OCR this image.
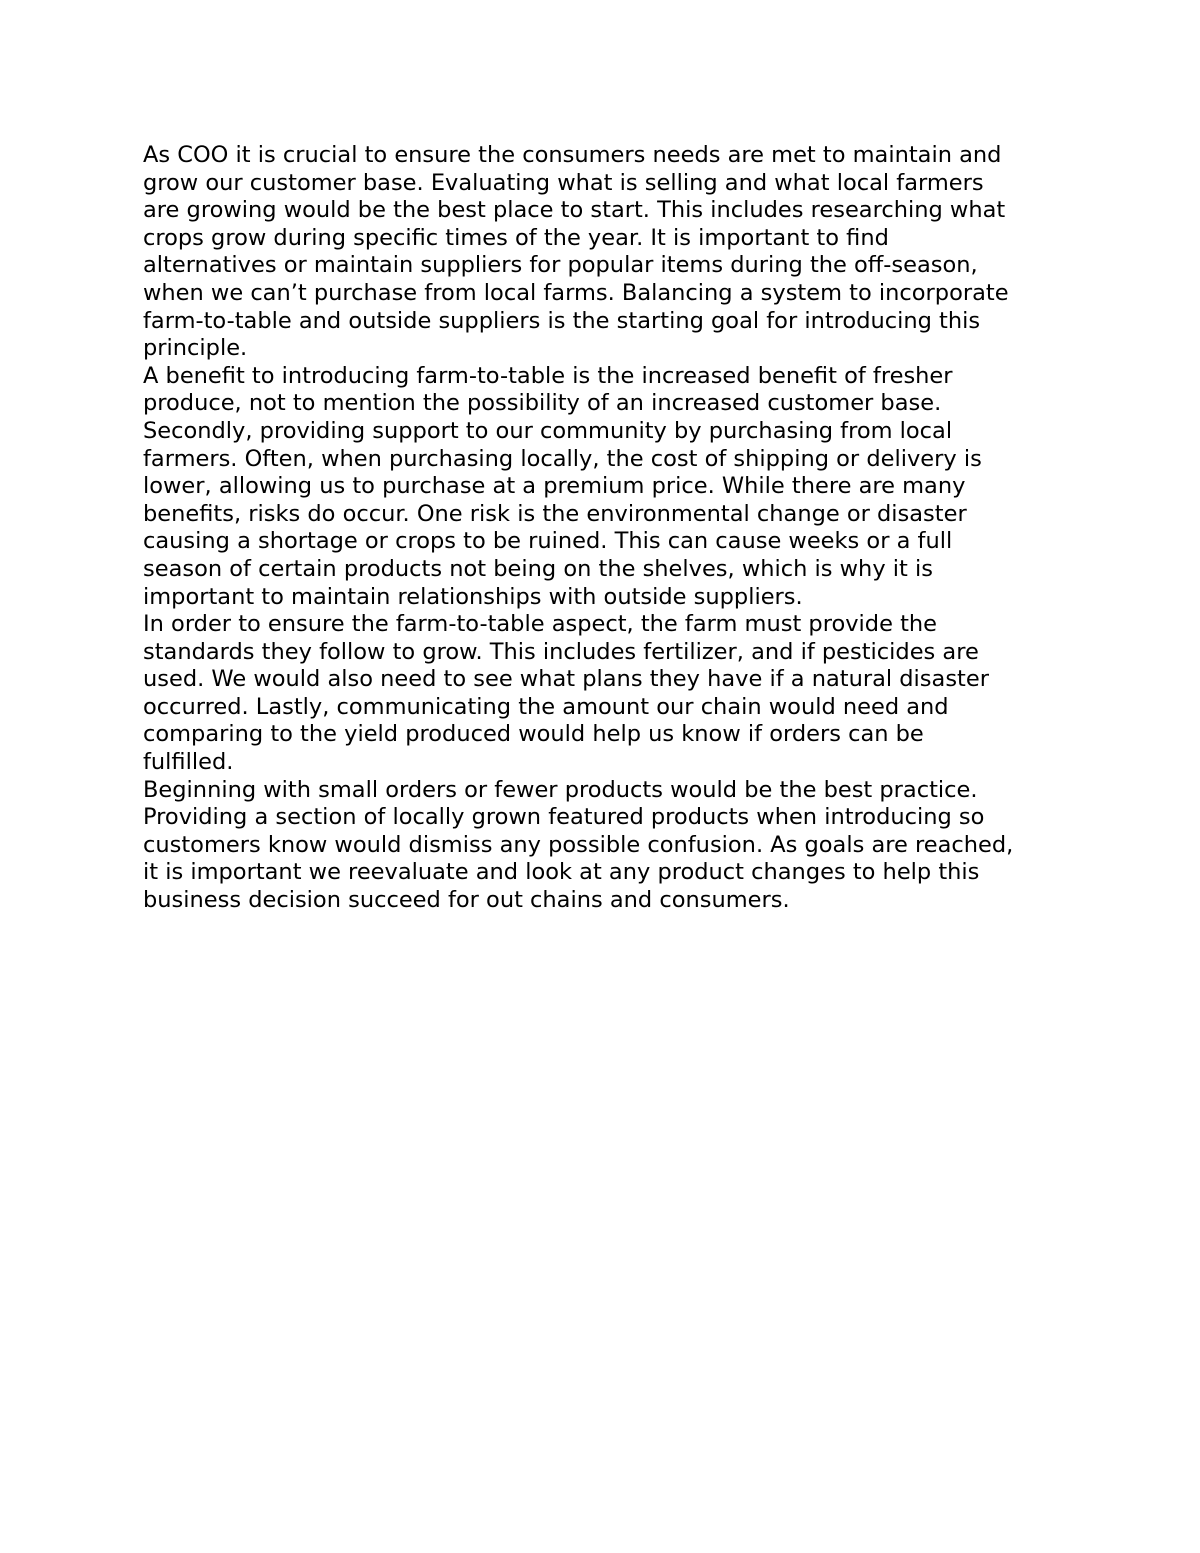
As COO it is crucial to ensure the consumers needs are met to maintain and
grow our customer base. Evaluating what is selling and what local farmers
are growing would be the best place to start. This includes researching what
crops grow during specific times of the year. It is important to find
alternatives or maintain suppliers for popular items during the off-season,
when we can’t purchase from local farms. Balancing a system to incorporate
farm-to-table and outside suppliers is the starting goal for introducing this
principle.
A benefit to introducing farm-to-table is the increased benefit of fresher
produce, not to mention the possibility of an increased customer base.
Secondly, providing support to our community by purchasing from local
farmers. Often, when purchasing locally, the cost of shipping or delivery is
lower, allowing us to purchase at a premium price. While there are many
benefits, risks do occur. One risk is the environmental change or disaster
causing a shortage or crops to be ruined. This can cause weeks or a full
season of certain products not being on the shelves, which is why it is
important to maintain relationships with outside suppliers.
In order to ensure the farm-to-table aspect, the farm must provide the
standards they follow to grow. This includes fertilizer, and if pesticides are
used. We would also need to see what plans they have if a natural disaster
occurred. Lastly, communicating the amount our chain would need and
comparing to the yield produced would help us know if orders can be
fulfilled.
Beginning with small orders or fewer products would be the best practice.
Providing a section of locally grown featured products when introducing so
customers know would dismiss any possible confusion. As goals are reached,
it is important we reevaluate and look at any product changes to help this
business decision succeed for out chains and consumers.
